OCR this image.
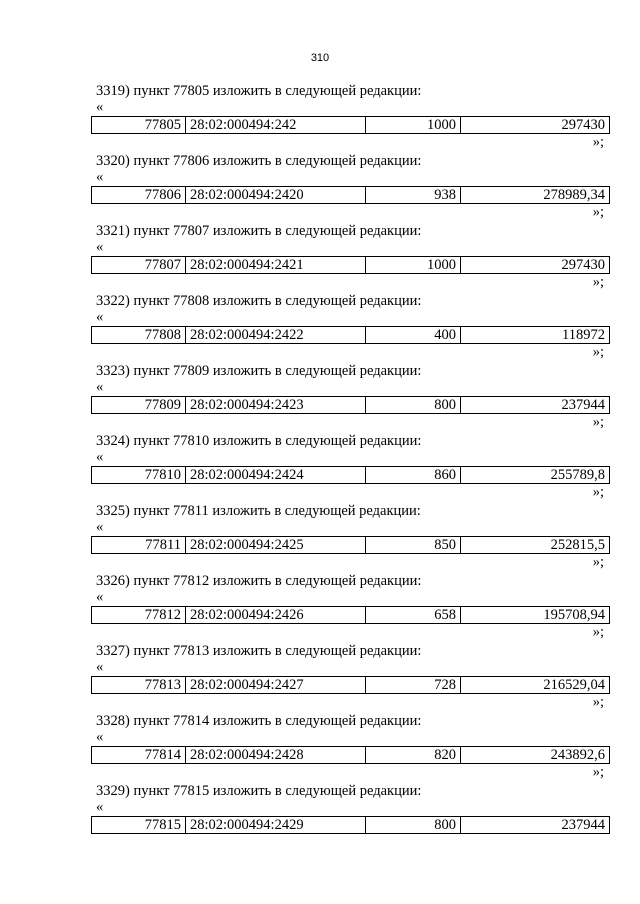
310
3319) пункт 77805 изложить в следующей редакции:
«
77805	28:02:000494:242	1000	297430
»;
3320) пункт 77806 изложить в следующей редакции:
«
77806	28:02:000494:2420	938	278989,34
»;
3321) пункт 77807 изложить в следующей редакции:
«
77807	28:02:000494:2421	1000	297430
»;
3322) пункт 77808 изложить в следующей редакции:
«
77808	28:02:000494:2422	400	118972
»;
3323) пункт 77809 изложить в следующей редакции:
«
77809	28:02:000494:2423	800	237944
»;
3324) пункт 77810 изложить в следующей редакции:
«
77810	28:02:000494:2424	860	255789,8
»;
3325) пункт 77811 изложить в следующей редакции:
«
77811	28:02:000494:2425	850	252815,5
»;
3326) пункт 77812 изложить в следующей редакции:
«
77812	28:02:000494:2426	658	195708,94
»;
3327) пункт 77813 изложить в следующей редакции:
«
77813	28:02:000494:2427	728	216529,04
»;
3328) пункт 77814 изложить в следующей редакции:
«
77814	28:02:000494:2428	820	243892,6
»;
3329) пункт 77815 изложить в следующей редакции:
«
77815	28:02:000494:2429	800	237944
